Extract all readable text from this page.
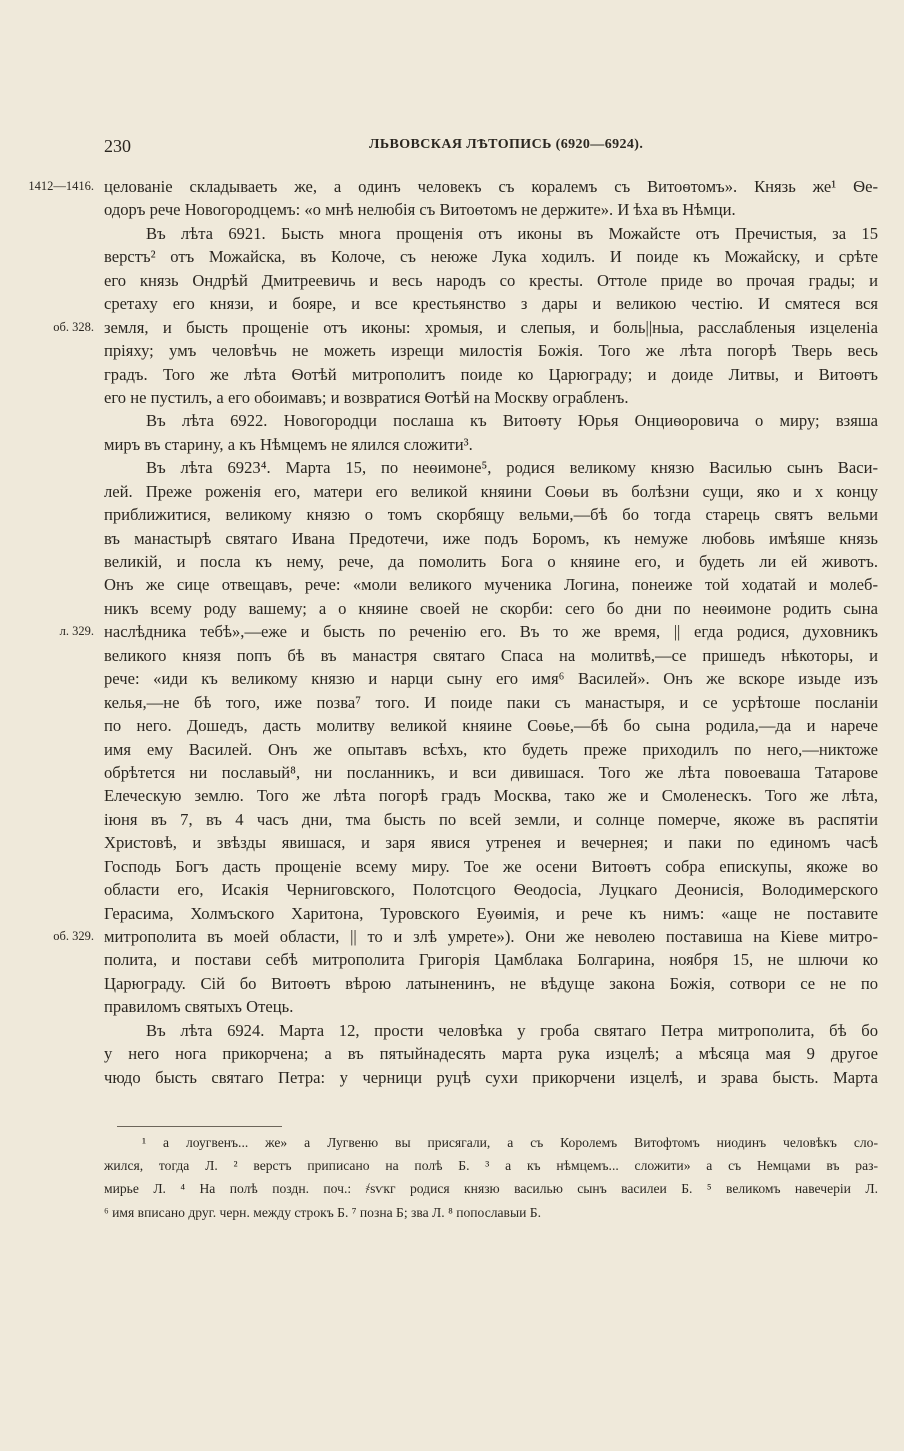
230	ЛЬВОВСКАЯ ЛѢТОПИСЬ (6920—6924).
1412—1416. целованіе складываеть же, а одинъ человекъ съ коралемъ съ Витоѳтомъ». Князь же¹ Ѳе-
одоръ рече Новогородцемъ: «о мнѣ нелюбія съ Витоѳтомъ не держите». И ѣха въ Нѣмци.
Въ лѣта 6921. Бысть многа прощенія отъ иконы въ Можайсте отъ Пречистыя, за 15
верстъ² отъ Можайска, въ Колоче, съ неюже Лука ходилъ. И поиде къ Можайску, и срѣте
его князь Ондрѣй Дмитреевичь и весь народъ со кресты. Оттоле приде во прочая грады; и
сретаху его князи, и бояре, и все крестьянство з дары и великою честію. И смятеся вся
об. 328. земля, и бысть прощеніе отъ иконы: хромыя, и слепыя, и боль||ныа, расслабленыя изцеленіа
пріяху; умъ человѣчь не можеть изрещи милостія Божія. Того же лѣта погорѣ Тверь весь
градъ. Того же лѣта Ѳотѣй митрополитъ поиде ко Царюграду; и доиде Литвы, и Витоѳтъ
его не пустилъ, а его обоимавъ; и возвратися Ѳотѣй на Москву ограбленъ.
Въ лѣта 6922. Новогородци послаша къ Витоѳту Юрья Онциѳоровича о миру; взяша
миръ въ старину, а къ Нѣмцемъ не ялился сложити³.
Въ лѣта 6923⁴. Марта 15, по неѳимоне⁵, родися великому князю Василью сынъ Васи-
лей. Преже роженія его, матери его великой княини Соѳьи въ болѣзни сущи, яко и х концу
приближитися, великому князю о томъ скорбящу вельми,—бѣ бо тогда старець святъ вельми
въ манастырѣ святаго Ивана Предотечи, иже подъ Боромъ, къ немуже любовь имѣяше князь
великій, и посла къ нему, рече, да помолить Бога о княине его, и будеть ли ей животъ.
Онъ же сице отвещавъ, рече: «моли великого мученика Логина, понеиже той ходатай и молеб-
никъ всему роду вашему; а о княине своей не скорби: сего бо дни по неѳимоне родить сына
л. 329. наслѣдника тебѣ»,—еже и бысть по реченію его. Въ то же время, || егда родися, духовникъ
великого князя попъ бѣ въ манастря святаго Спаса на молитвѣ,—се пришедъ нѣкоторы, и
рече: «иди къ великому князю и нарци сыну его имя⁶ Василей». Онъ же вскоре изыде изъ
келья,—не бѣ того, иже позва⁷ того. И поиде паки съ манастыря, и се усрѣтоше посланіи
по него. Дошедъ, дасть молитву великой княине Соѳье,—бѣ бо сына родила,—да и нарече
имя ему Василей. Онъ же опытавъ всѣхъ, кто будеть преже приходилъ по него,—никтоже
обрѣтется ни послaвый⁸, ни посланникъ, и вси дивишася. Того же лѣта повоеваша Татарове
Елеческую землю. Того же лѣта погорѣ градъ Москва, тако же и Смоленескъ. Того же лѣта,
іюня въ 7, въ 4 часъ дни, тма бысть по всей земли, и солнце померче, якоже въ распятіи
Христовѣ, и звѣзды явишася, и заря явися утренея и вечернея; и паки по единомъ часѣ
Господь Богъ дасть прощеніе всему миру. Тое же осени Витоѳтъ собра епискупы, якоже во
области его, Исакія Черниговского, Полотсцого Ѳеодосіа, Луцкаго Деонисія, Володимерского
Герасима, Холмъского Харитона, Туровского Еуѳимія, и рече къ нимъ: «аще не поставите
об. 329. митрополита въ моей области, || то и злѣ умрете»). Они же неволею поставиша на Кіеве митро-
полита, и постави себѣ митрополита Григорія Цамблака Болгарина, ноября 15, не шлючи ко
Царюграду. Сій бо Витоѳтъ вѣрою латыненинъ, не вѣдуще закона Божія, сотвори се не по
правиломъ святыхъ Отець.
Въ лѣта 6924. Марта 12, прости человѣка у гроба святаго Петра митрополита, бѣ бо
у него нога прикорчена; а въ пятыйнадесять марта рука изцелѣ; а мѣсяца мая 9 другое
чюдо бысть святаго Петра: у черници руцѣ сухи прикорчени изцелѣ, и зрава бысть. Марта
¹ а лоугвенъ... же» а Лугвеню вы присягали, а съ Королемъ Витофтомъ ниодинъ человѣкъ сло-
жился, тогда Л. ² верстъ приписано на полѣ Б. ³ а къ нѣмцемъ... сложити» а съ Немцами въ раз-
мирье Л. ⁴ На полѣ поздн. поч.: ҂ѕѵкг родися князю василью сынъ василеи Б. ⁵ великомъ навечеріи Л.
⁶ имя вписано друг. черн. между строкъ Б. ⁷ позна Б; зва Л. ⁸ попославыи Б.
